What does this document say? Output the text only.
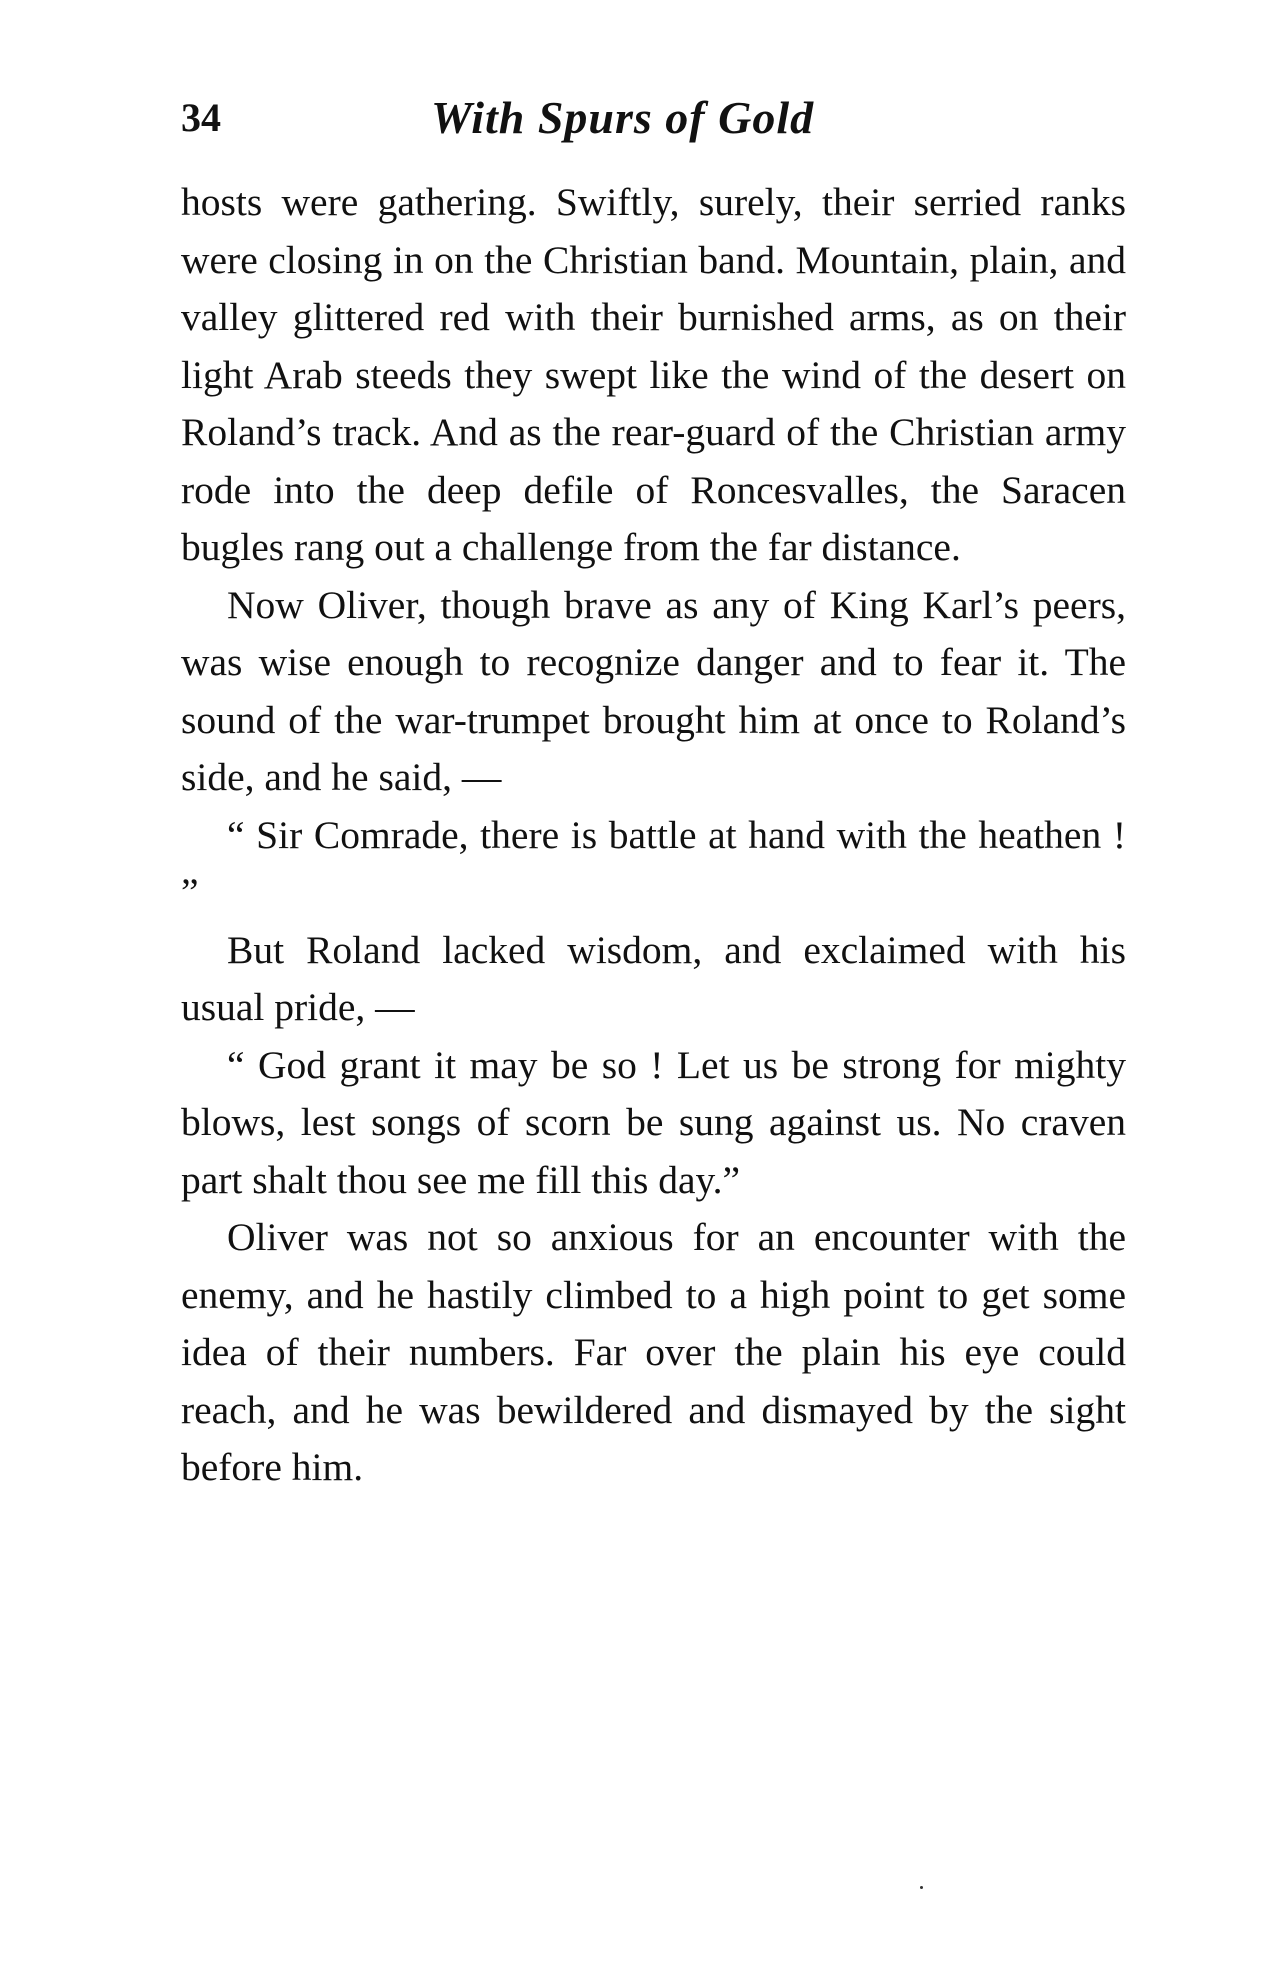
34	With Spurs of Gold

hosts were gathering. Swiftly, surely, their serried ranks were closing in on the Christian band. Mountain, plain, and valley glittered red with their burnished arms, as on their light Arab steeds they swept like the wind of the desert on Roland’s track. And as the rear-guard of the Christian army rode into the deep defile of Roncesvalles, the Saracen bugles rang out a challenge from the far distance.

Now Oliver, though brave as any of King Karl’s peers, was wise enough to recognize danger and to fear it. The sound of the war-trumpet brought him at once to Roland’s side, and he said, —

“ Sir Comrade, there is battle at hand with the heathen ! ”

But Roland lacked wisdom, and exclaimed with his usual pride, —

“ God grant it may be so ! Let us be strong for mighty blows, lest songs of scorn be sung against us. No craven part shalt thou see me fill this day.”

Oliver was not so anxious for an encounter with the enemy, and he hastily climbed to a high point to get some idea of their numbers. Far over the plain his eye could reach, and he was bewildered and dismayed by the sight before him.
